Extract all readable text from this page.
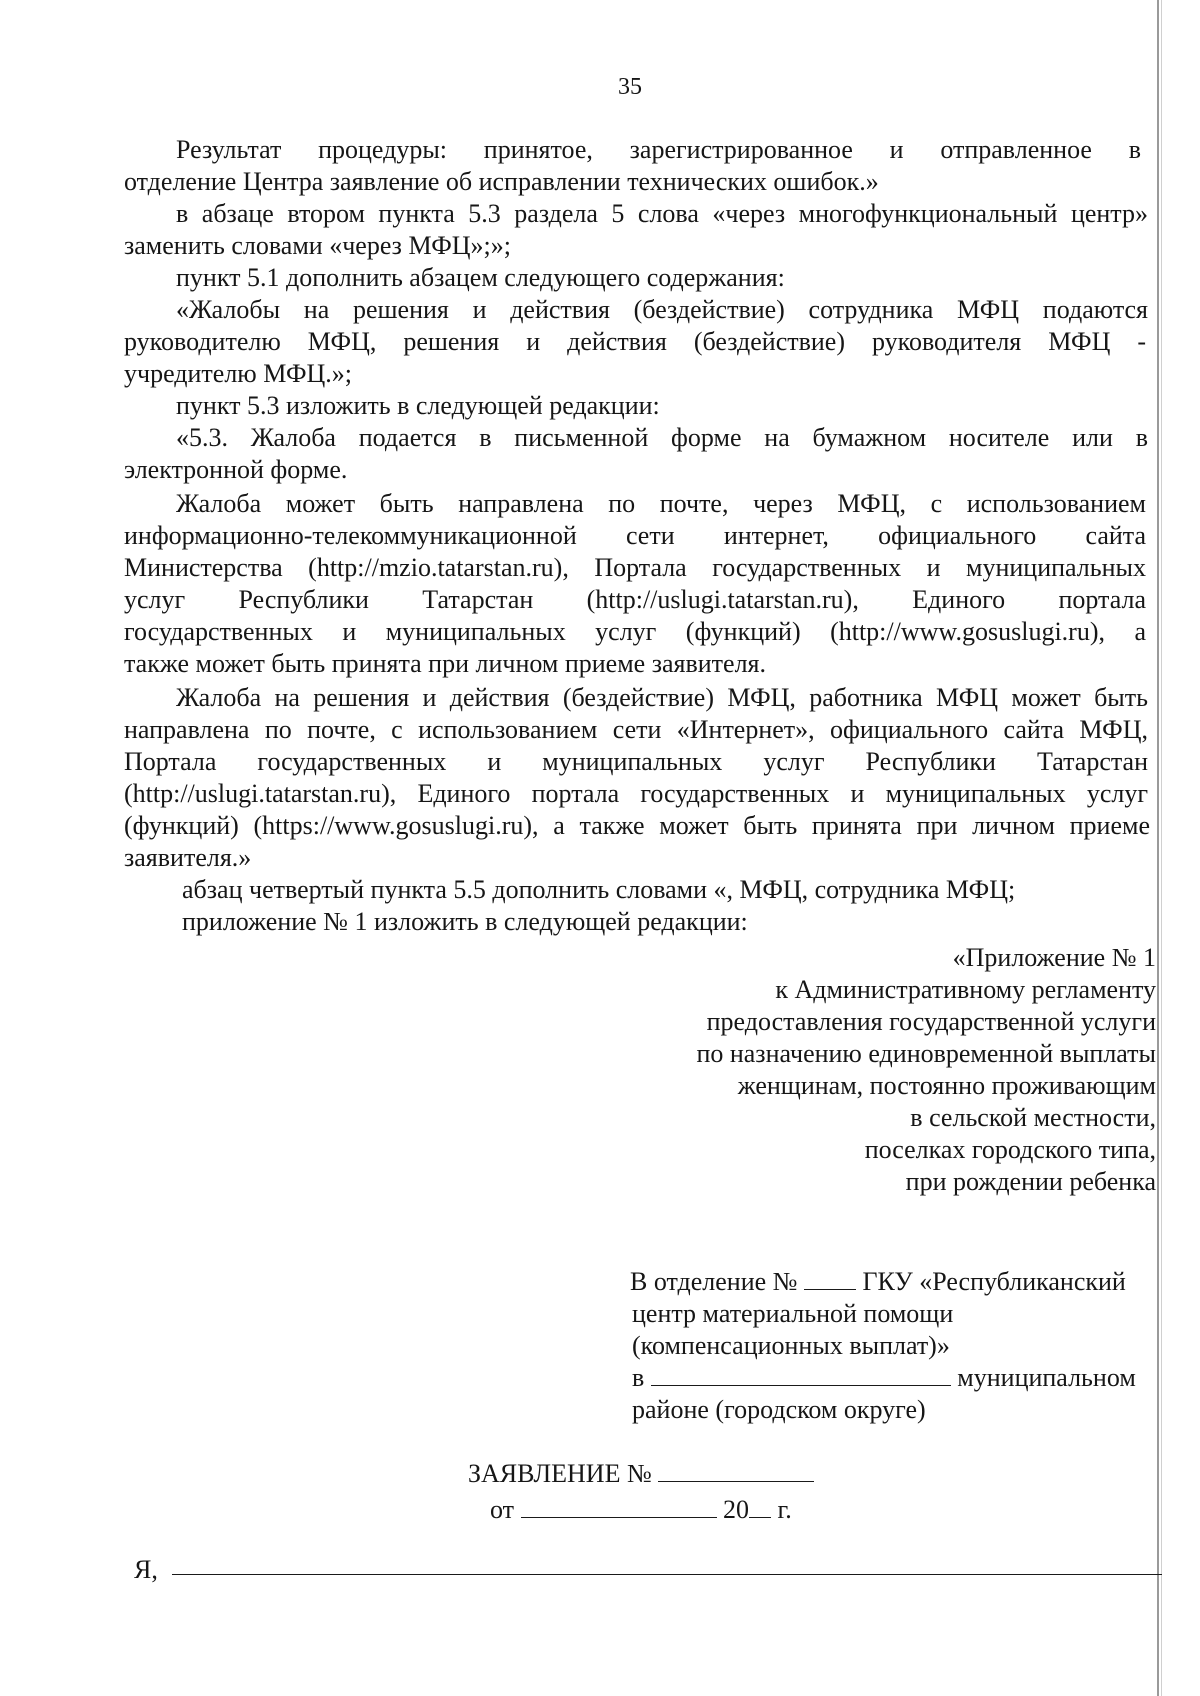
35
Результат процедуры: принятое, зарегистрированное и отправленное в
отделение Центра заявление об исправлении технических ошибок.»
в абзаце втором пункта 5.3 раздела 5 слова «через многофункциональный центр»
заменить словами «через МФЦ»;»;
пункт 5.1 дополнить абзацем следующего содержания:
«Жалобы на решения и действия (бездействие) сотрудника МФЦ подаются
руководителю МФЦ, решения и действия (бездействие) руководителя МФЦ -
учредителю МФЦ.»;
пункт 5.3 изложить в следующей редакции:
«5.3. Жалоба подается в письменной форме на бумажном носителе или в
электронной форме.
Жалоба может быть направлена по почте, через МФЦ, с использованием
информационно-телекоммуникационной сети интернет, официального сайта
Министерства (http://mzio.tatarstan.ru), Портала государственных и муниципальных
услуг Республики Татарстан (http://uslugi.tatarstan.ru), Единого портала
государственных и муниципальных услуг (функций) (http://www.gosuslugi.ru), а
также может быть принята при личном приеме заявителя.
Жалоба на решения и действия (бездействие) МФЦ, работника МФЦ может быть
направлена по почте, с использованием сети «Интернет», официального сайта МФЦ,
Портала государственных и муниципальных услуг Республики Татарстан
(http://uslugi.tatarstan.ru), Единого портала государственных и муниципальных услуг
(функций) (https://www.gosuslugi.ru), а также может быть принята при личном приеме
заявителя.»
абзац четвертый пункта 5.5 дополнить словами «, МФЦ, сотрудника МФЦ;
приложение № 1 изложить в следующей редакции:
«Приложение № 1
к Административному регламенту
предоставления государственной услуги
по назначению единовременной выплаты
женщинам, постоянно проживающим
в сельской местности,
поселках городского типа,
при рождении ребенка
В отделение №	ГКУ «Республиканский
центр материальной помощи
(компенсационных выплат)»
в	муниципальном
районе (городском округе)
ЗАЯВЛЕНИЕ №
от	20 г.
Я,
